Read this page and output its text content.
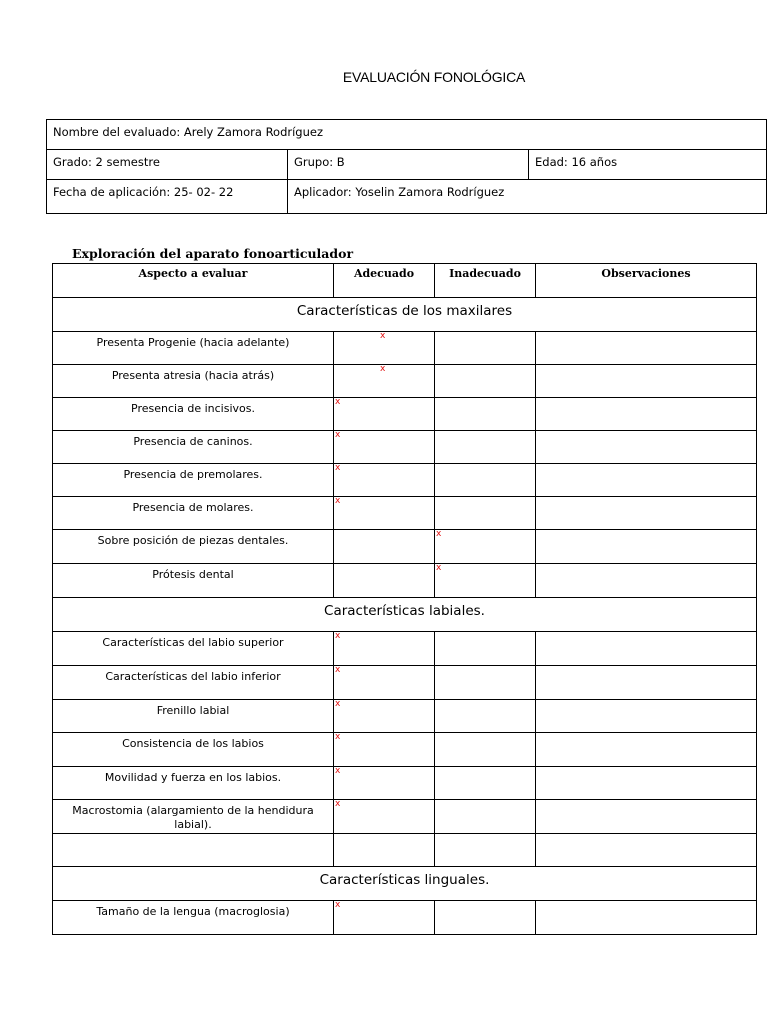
EVALUACIÓN FONOLÓGICA
Nombre del evaluado: Arely Zamora Rodríguez		
Grado: 2 semestre	Grupo: B	Edad: 16 años
Fecha de aplicación: 25- 02- 22	Aplicador: Yoselin Zamora Rodríguez	
Exploración del aparato fonoarticulador
Aspecto a evaluar	Adecuado	Inadecuado	Observaciones
Características de los maxilares			
Presenta Progenie (hacia adelante)	x		

Presenta atresia (hacia atrás)	x		

Presencia de incisivos.	x		

Presencia de caninos.	x		

Presencia de premolares.	x		

Presencia de molares.	x		

Sobre posición de piezas dentales.		x	

Prótesis dental		x	

Características labiales.			
Características del labio superior	x		

Características del labio inferior	x		

Frenillo labial	x		

Consistencia de los labios	x		

Movilidad y fuerza en los labios.	x		

Macrostomia (alargamiento de la hendidura labial).	x		

Características linguales.			
Tamaño de la lengua (macroglosia)	x		
